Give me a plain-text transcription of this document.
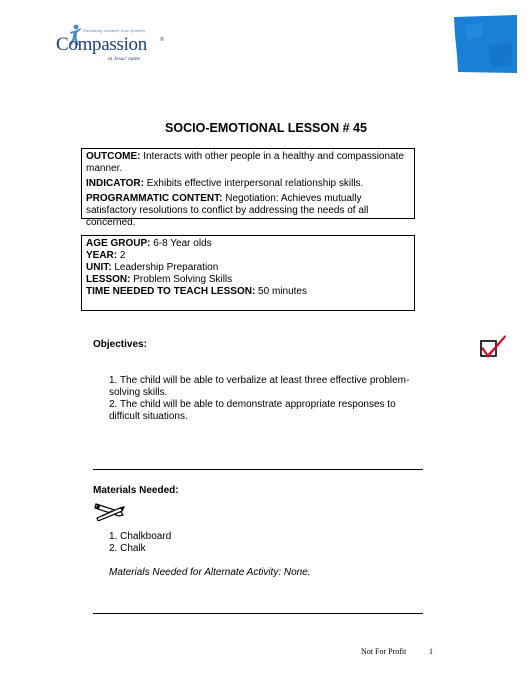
Releasing children from poverty
Compassion	®
in Jesus' name
SOCIO-EMOTIONAL LESSON # 45

OUTCOME: Interacts with other people in a healthy and compassionate manner.

INDICATOR: Exhibits effective interpersonal relationship skills.

PROGRAMMATIC CONTENT: Negotiation: Achieves mutually satisfactory resolutions to conflict by addressing the needs of all concerned.

AGE GROUP: 6-8 Year olds

YEAR: 2

UNIT: Leadership Preparation

LESSON: Problem Solving Skills

TIME NEEDED TO TEACH LESSON: 50 minutes

Objectives:

1. The child will be able to verbalize at least three effective problem-solving skills.

2. The child will be able to demonstrate appropriate responses to difficult situations.

Materials Needed:

1. Chalkboard

2. Chalk

Materials Needed for Alternate Activity: None.
Not For Profit	1
